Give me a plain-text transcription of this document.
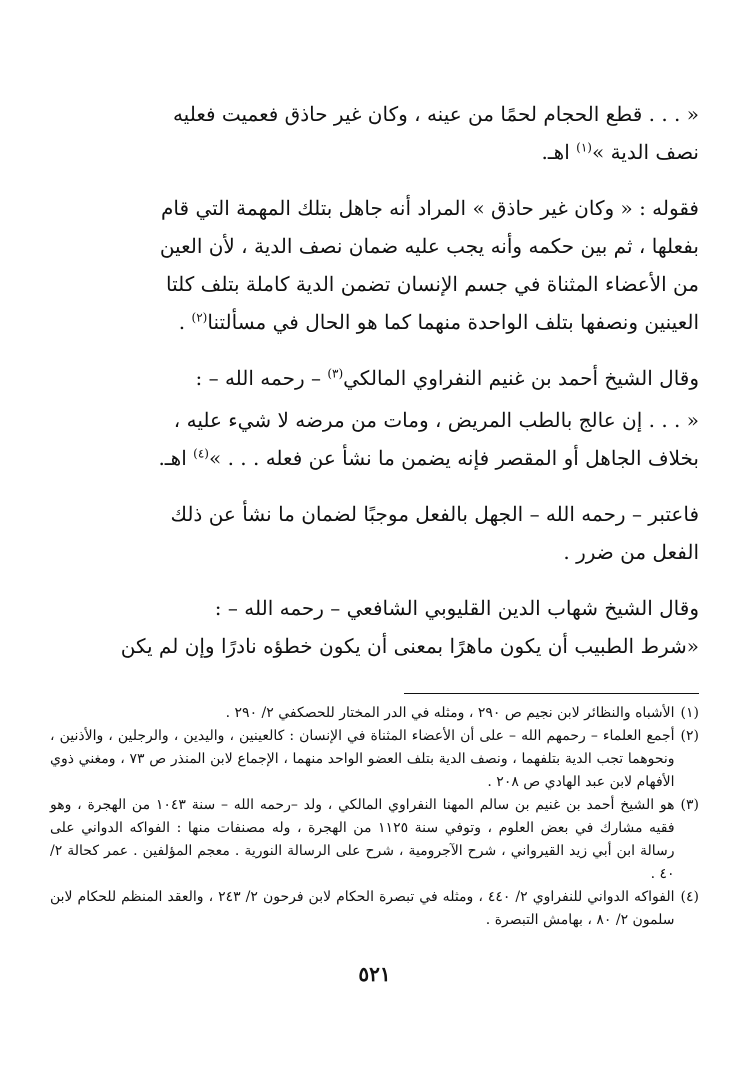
« . . . قطع الحجام لحمًا من عينه ، وكان غير حاذق فعميت فعليه
نصف الدية »$^{(١)}$ اهـ.

فقوله : « وكان غير حاذق » المراد أنه جاهل بتلك المهمة التي قام
بفعلها ، ثم بين حكمه وأنه يجب عليه ضمان نصف الدية ، لأن العين
من الأعضاء المثناة في جسم الإنسان تضمن الدية كاملة بتلف كلتا
العينين ونصفها بتلف الواحدة منهما كما هو الحال في مسألتنا$^{(٢)}$ .

وقال الشيخ أحمد بن غنيم النفراوي المالكي$^{(٣)}$ – رحمه الله – :

« . . . إن عالج بالطب المريض ، ومات من مرضه لا شيء عليه ،
بخلاف الجاهل أو المقصر فإنه يضمن ما نشأ عن فعله . . . »$^{(٤)}$ اهـ.

فاعتبر – رحمه الله – الجهل بالفعل موجبًا لضمان ما نشأ عن ذلك
الفعل من ضرر .

وقال الشيخ شهاب الدين القليوبي الشافعي – رحمه الله – :
«شرط الطبيب أن يكون ماهرًا بمعنى أن يكون خطؤه نادرًا وإن لم يكن

(١)
الأشباه والنظائر لابن نجيم ص ٢٩٠ ، ومثله في الدر المختار للحصكفي ٢/ ٢٩٠ .
(٢)
أجمع العلماء – رحمهم الله – على أن الأعضاء المثناة في الإنسان : كالعينين ، واليدين ، والرجلين ، والأذنين ، ونحوهما تجب الدية بتلفهما ، ونصف الدية بتلف العضو الواحد منهما ، الإجماع لابن المنذر ص ٧٣ ، ومغني ذوي الأفهام لابن عبد الهادي ص ٢٠٨ .
(٣)
هو الشيخ أحمد بن غنيم بن سالم المهنا النفراوي المالكي ، ولد –رحمه الله – سنة ١٠٤٣ من الهجرة ، وهو فقيه مشارك في بعض العلوم ، وتوفي سنة ١١٢٥ من الهجرة ، وله مصنفات منها : الفواكه الدواني على رسالة ابن أبي زيد القيرواني ، شرح الآجرومية ، شرح على الرسالة النورية . معجم المؤلفين . عمر كحالة ٢/ ٤٠ .
(٤)
الفواكه الدواني للنفراوي ٢/ ٤٤٠ ، ومثله في تبصرة الحكام لابن فرحون ٢/ ٢٤٣ ، والعقد المنظم للحكام لابن سلمون ٢/ ٨٠ ، بهامش التبصرة .
٥٢١
